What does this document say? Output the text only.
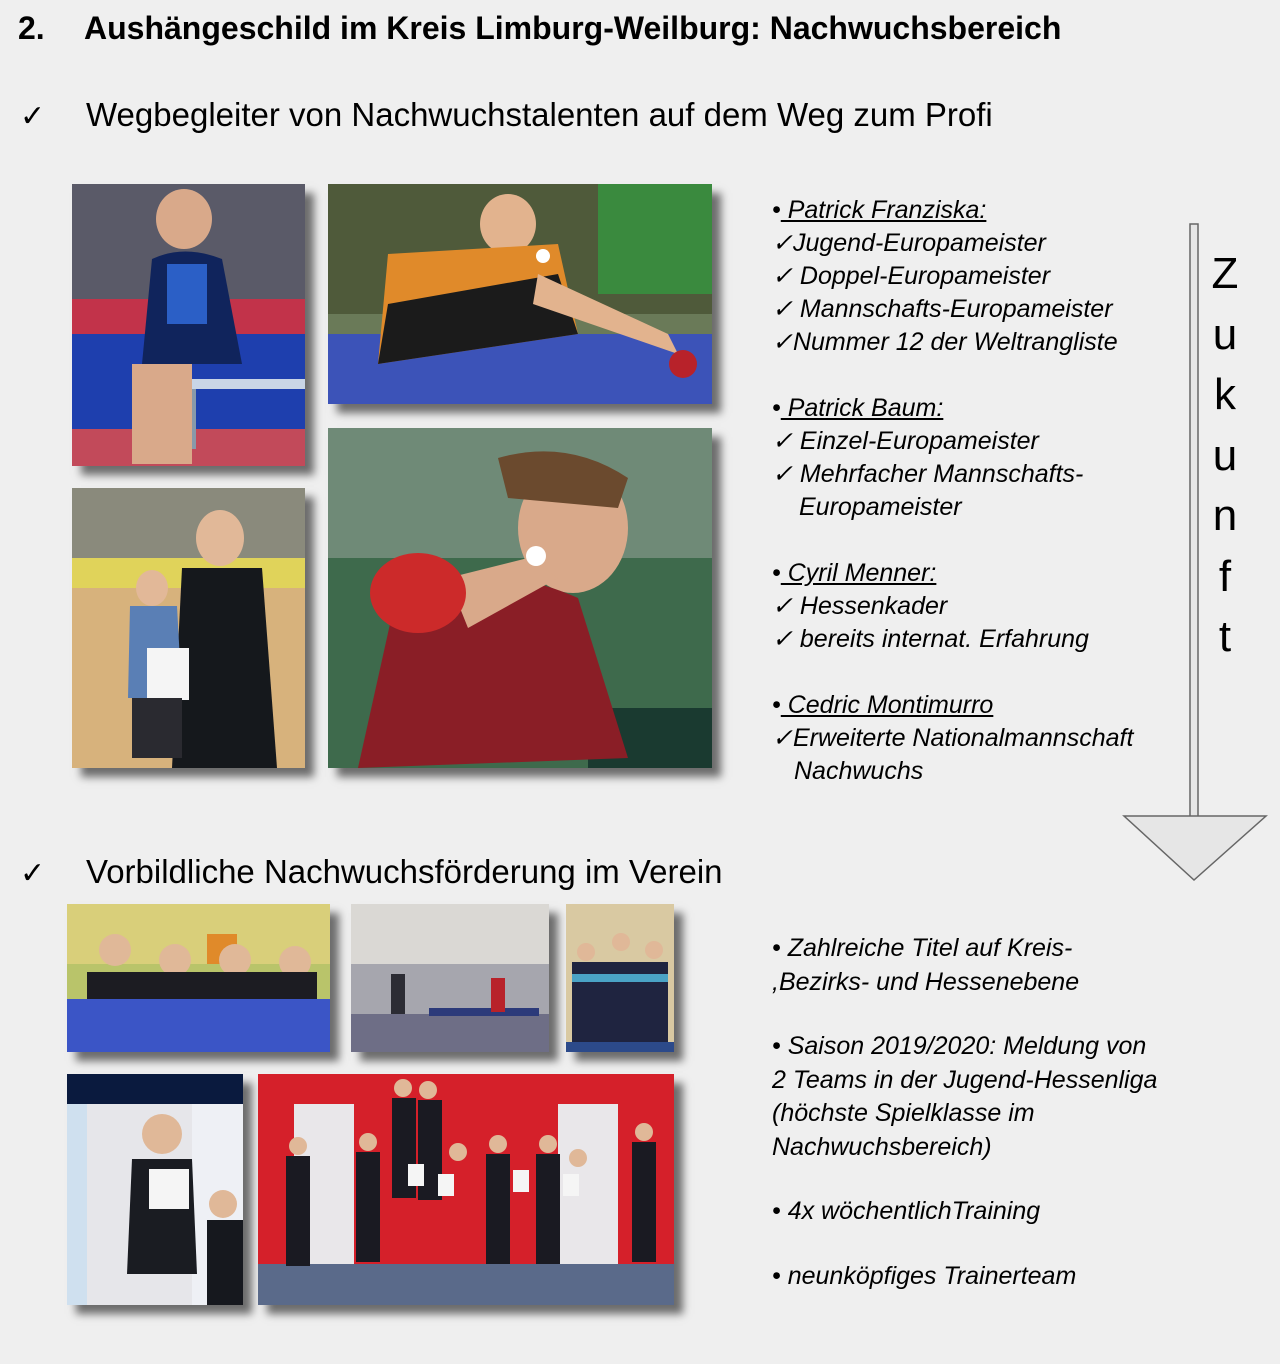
2. Aushängeschild im Kreis Limburg-Weilburg: Nachwuchsbereich
✓ Wegbegleiter von Nachwuchstalenten auf dem Weg zum Profi
• Patrick Franziska:
✓Jugend-Europameister
✓ Doppel-Europameister
✓ Mannschafts-Europameister
✓Nummer 12 der Weltrangliste
• Patrick Baum:
✓ Einzel-Europameister
✓ Mehrfacher Mannschafts-
Europameister
• Cyril Menner:
✓ Hessenkader
✓ bereits internat. Erfahrung
• Cedric Montimurro
✓Erweiterte Nationalmannschaft
Nachwuchs
Z
u
k
u
n
f
t
✓ Vorbildliche Nachwuchsförderung im Verein
• Zahlreiche Titel auf Kreis-
,Bezirks- und Hessenebene
• Saison 2019/2020: Meldung von
2 Teams in der Jugend-Hessenliga
(höchste Spielklasse im
Nachwuchsbereich)
• 4x wöchentlichTraining
• neunköpfiges Trainerteam
